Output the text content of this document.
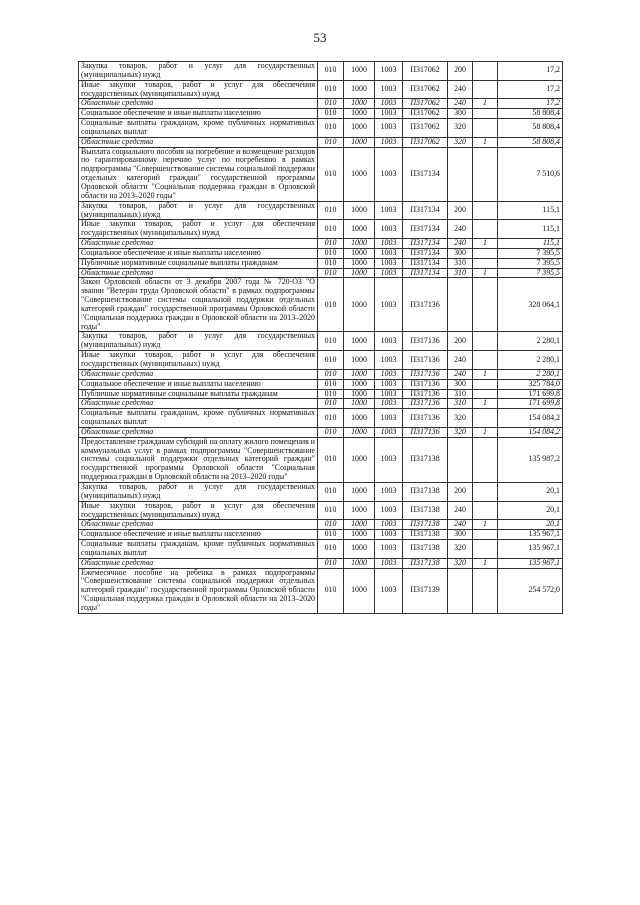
53
Закупка товаров, работ и услуг для государственных (муниципальных) нужд	010	1000	1003	П317062	200		17,2
Иные закупки товаров, работ и услуг для обеспечения государственных (муниципальных) нужд	010	1000	1003	П317062	240		17,2
Областные средства	010	1000	1003	П317062	240	1	17,2
Социальное обеспечение и иные выплаты населению	010	1000	1003	П317062	300		58 808,4
Социальные выплаты гражданам, кроме публичных нормативных социальных выплат	010	1000	1003	П317062	320		58 808,4
Областные средства	010	1000	1003	П317062	320	1	58 808,4
Выплата социального пособия на погребение и возмещение расходов по гарантированному перечню услуг по погребению в рамках подпрограммы "Совершенствование системы социальной поддержки отдельных категорий граждан" государственной программы Орловской области "Социальная поддержка граждан в Орловской области на 2013–2020 годы"	010	1000	1003	П317134			7 510,6
Закупка товаров, работ и услуг для государственных (муниципальных) нужд	010	1000	1003	П317134	200		115,1
Иные закупки товаров, работ и услуг для обеспечения государственных (муниципальных) нужд	010	1000	1003	П317134	240		115,1
Областные средства	010	1000	1003	П317134	240	1	115,1
Социальное обеспечение и иные выплаты населению	010	1000	1003	П317134	300		7 395,5
Публичные нормативные социальные выплаты гражданам	010	1000	1003	П317134	310		7 395,5
Областные средства	010	1000	1003	П317134	310	1	7 395,5
Закон Орловской области от 3 декабря 2007 года № 720-ОЗ "О звании "Ветеран труда Орловской области" в рамках подпрограммы "Совершенствование системы социальной поддержки отдельных категорий граждан" государственной программы Орловской области "Социальная поддержка граждан в Орловской области на 2013–2020 годы"	010	1000	1003	П317136			328 064,1
Закупка товаров, работ и услуг для государственных (муниципальных) нужд	010	1000	1003	П317136	200		2 280,1
Иные закупки товаров, работ и услуг для обеспечения государственных (муниципальных) нужд	010	1000	1003	П317136	240		2 280,1
Областные средства	010	1000	1003	П317136	240	1	2 280,1
Социальное обеспечение и иные выплаты населению	010	1000	1003	П317136	300		325 784,0
Публичные нормативные социальные выплаты гражданам	010	1000	1003	П317136	310		171 699,8
Областные средства	010	1000	1003	П317136	310	1	171 699,8
Социальные выплаты гражданам, кроме публичных нормативных социальных выплат	010	1000	1003	П317136	320		154 084,2
Областные средства	010	1000	1003	П317136	320	1	154 084,2
Предоставление гражданам субсидий на оплату жилого помещения и коммунальных услуг в рамках подпрограммы "Совершенствование системы социальной поддержки отдельных категорий граждан" государственной программы Орловской области "Социальная поддержка граждан в Орловской области на 2013–2020 годы"	010	1000	1003	П317138			135 987,2
Закупка товаров, работ и услуг для государственных (муниципальных) нужд	010	1000	1003	П317138	200		20,1
Иные закупки товаров, работ и услуг для обеспечения государственных (муниципальных) нужд	010	1000	1003	П317138	240		20,1
Областные средства	010	1000	1003	П317138	240	1	20,1
Социальное обеспечение и иные выплаты населению	010	1000	1003	П317138	300		135 967,1
Социальные выплаты гражданам, кроме публичных нормативных социальных выплат	010	1000	1003	П317138	320		135 967,1
Областные средства	010	1000	1003	П317138	320	1	135 967,1
Ежемесячное пособие на ребенка в рамках подпрограммы "Совершенствование системы социальной поддержки отдельных категорий граждан" государственной программы Орловской области "Социальная поддержка граждан в Орловской области на 2013–2020 годы"	010	1000	1003	П317139			254 572,0
